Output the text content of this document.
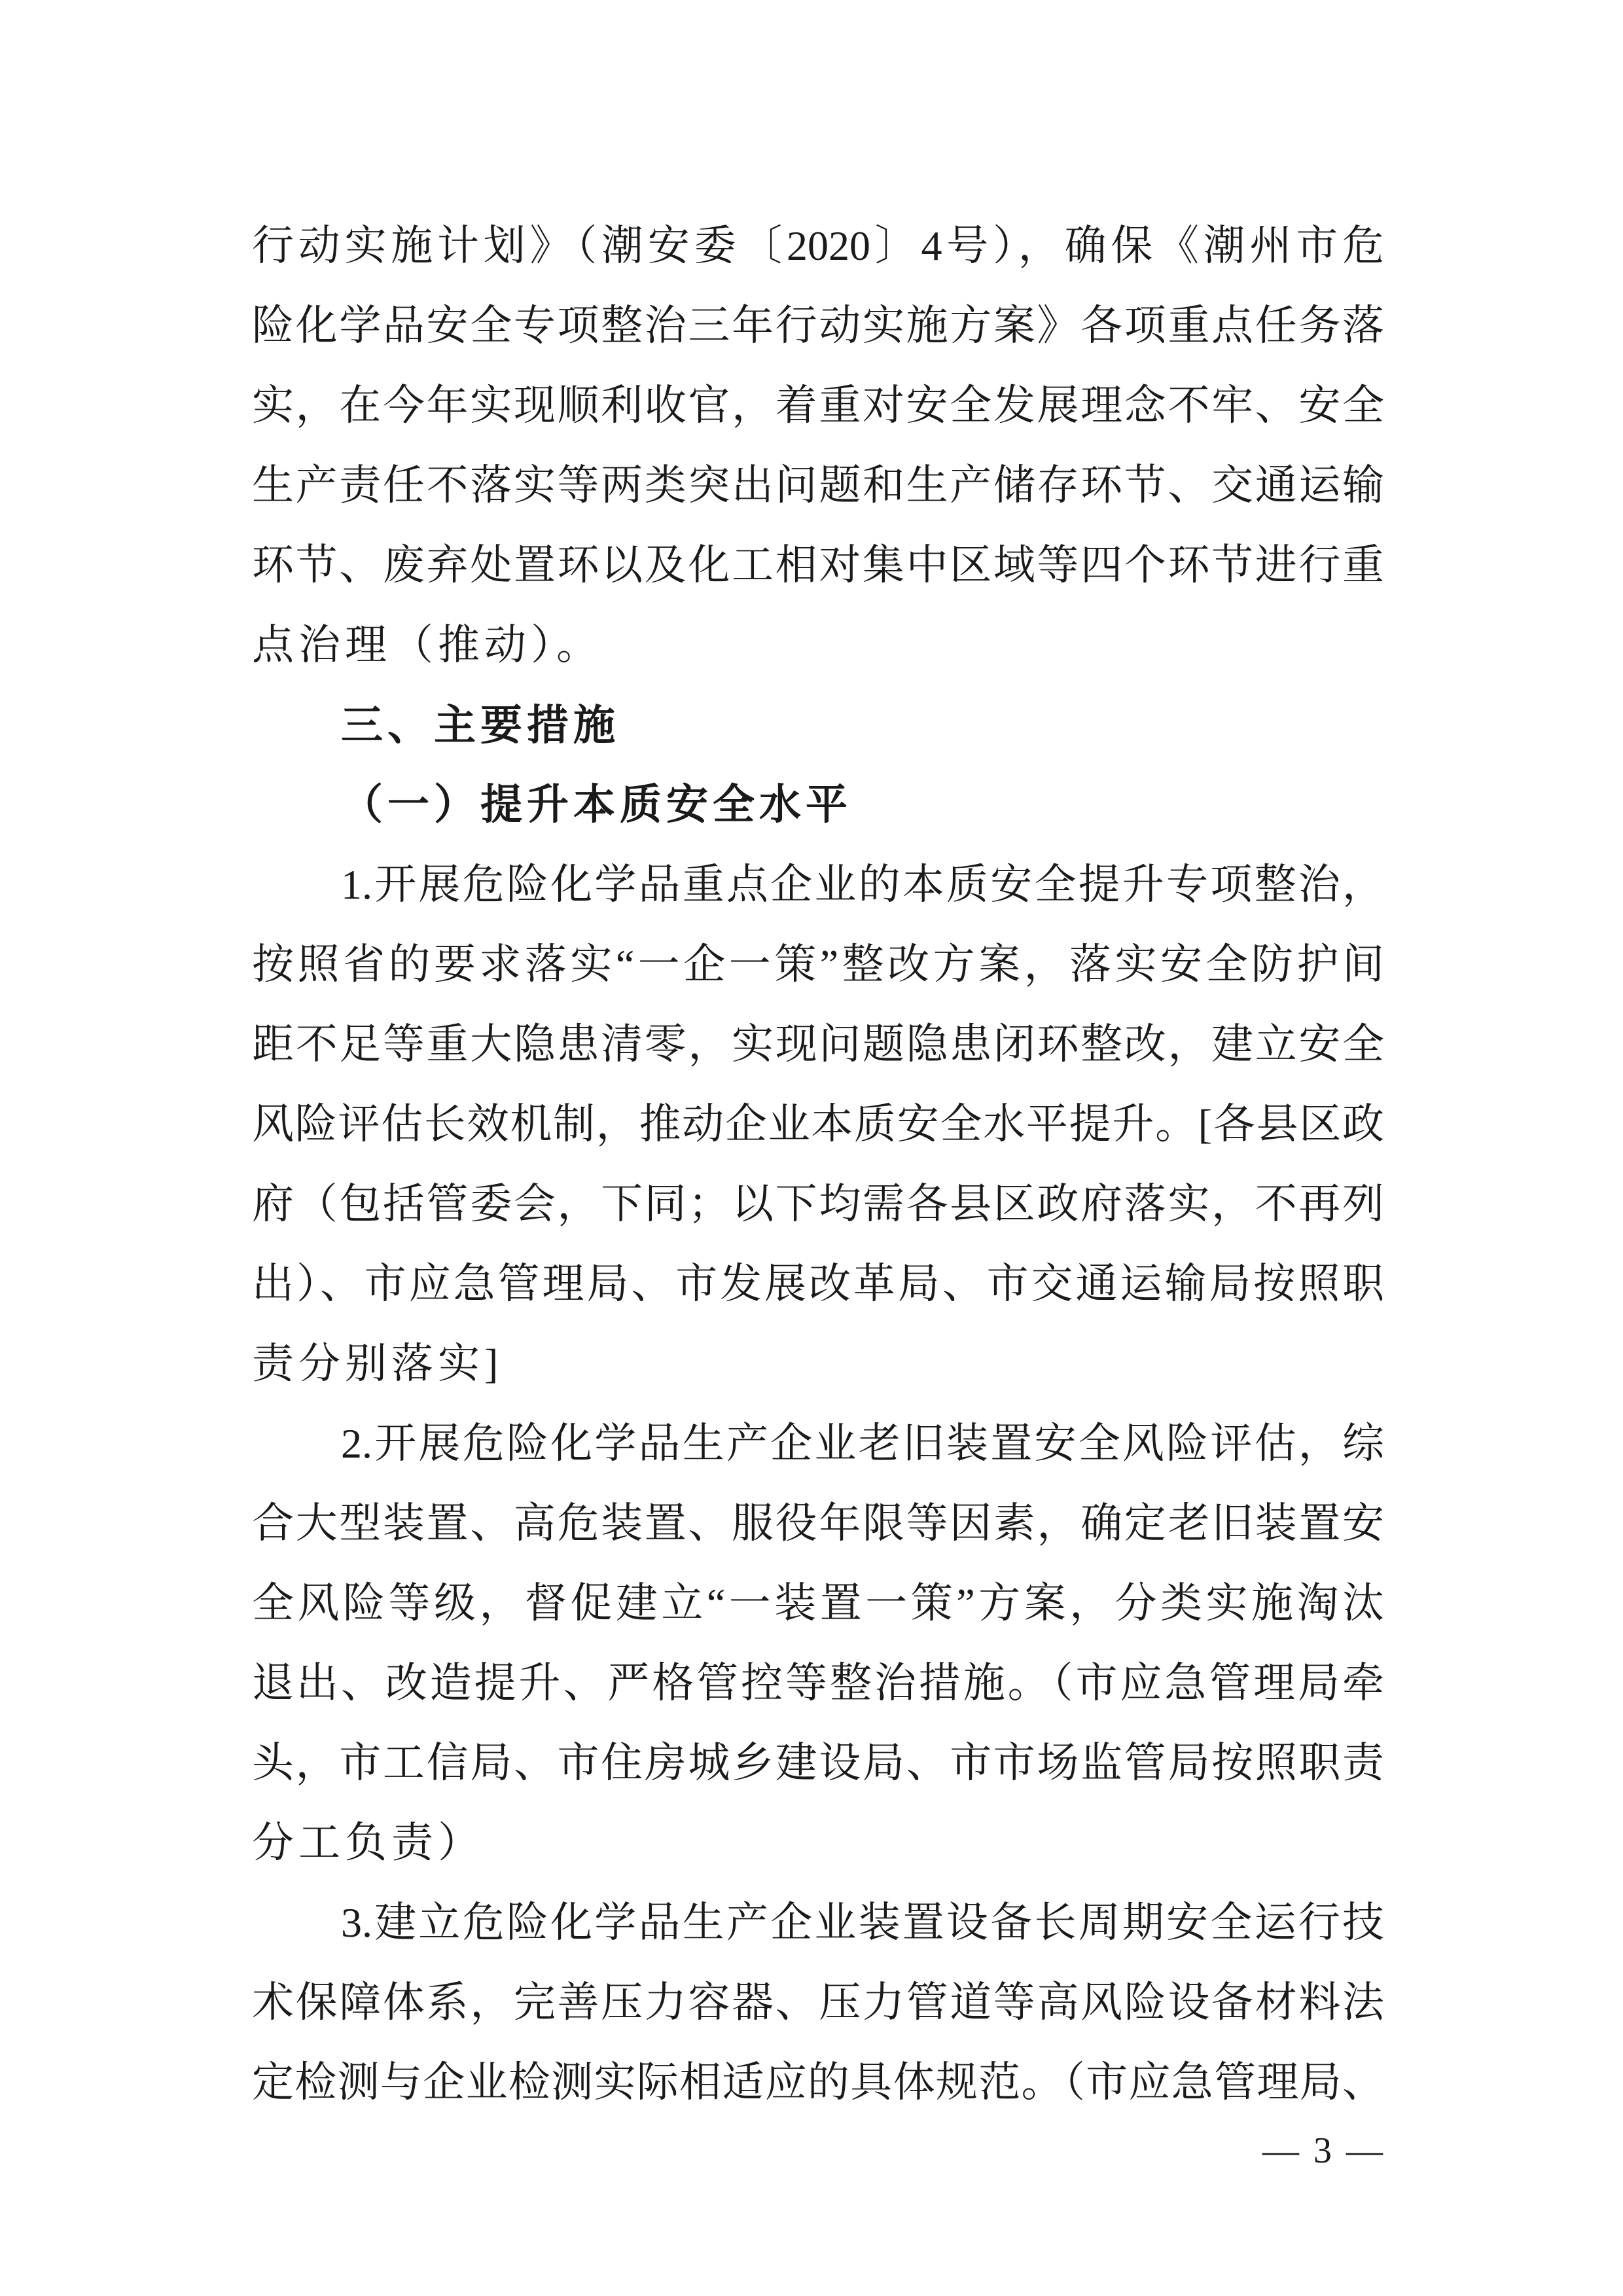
行动实施计划》（潮安委〔2020〕4号），确保《潮州市危

险化学品安全专项整治三年行动实施方案》各项重点任务落

实，在今年实现顺利收官，着重对安全发展理念不牢、安全

生产责任不落实等两类突出问题和生产储存环节、交通运输

环节、废弃处置环以及化工相对集中区域等四个环节进行重

点治理（推动）。

三、主要措施
（一）提升本质安全水平

1.开展危险化学品重点企业的本质安全提升专项整治，

按照省的要求落实“一企一策”整改方案，落实安全防护间

距不足等重大隐患清零，实现问题隐患闭环整改，建立安全

风险评估长效机制，推动企业本质安全水平提升。[各县区政

府（包括管委会，下同；以下均需各县区政府落实，不再列

出）、市应急管理局、市发展改革局、市交通运输局按照职

责分别落实]

2.开展危险化学品生产企业老旧装置安全风险评估，综

合大型装置、高危装置、服役年限等因素，确定老旧装置安

全风险等级，督促建立“一装置一策”方案，分类实施淘汰

退出、改造提升、严格管控等整治措施。（市应急管理局牵

头，市工信局、市住房城乡建设局、市市场监管局按照职责

分工负责）

3.建立危险化学品生产企业装置设备长周期安全运行技

术保障体系，完善压力容器、压力管道等高风险设备材料法

定检测与企业检测实际相适应的具体规范。（市应急管理局、

— 3 —
